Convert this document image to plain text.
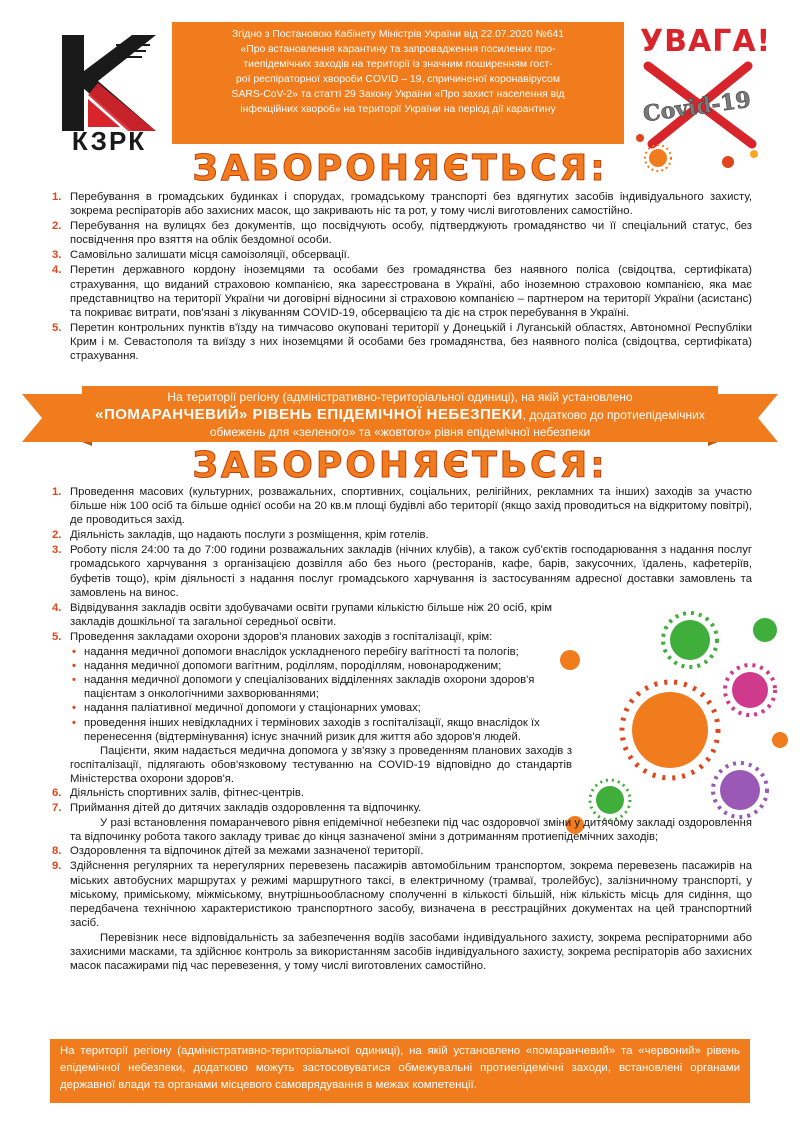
КЗРК
Згідно з Постановою Кабінету Міністрів України від 22.07.2020 №641
«Про встановлення карантину та запровадження посилених про-
тиепідемічних заходів на території із значним поширенням гост-
рої респіраторної хвороби COVID – 19, спричиненої коронавірусом
SARS-CoV-2» та статті 29 Закону України «Про захист населення від
інфекційних хвороб» на території України на період дії карантину
УВАГА!
Covid-19
ЗАБОРОНЯЄТЬСЯ:
1. Перебування в громадських будинках і спорудах, громадському транспорті без вдягнутих засобів індивідуального захисту, зокрема респіраторів або захисних масок, що закривають ніс та рот, у тому числі виготовлених самостійно.
2. Перебування на вулицях без документів, що посвідчують особу, підтверджують громадянство чи її спеціальний статус, без посвідчення про взяття на облік бездомної особи.
3. Самовільно залишати місця самоізоляції, обсервації.
4. Перетин державного кордону іноземцями та особами без громадянства без наявного поліса (свідоцтва, сертифіката) страхування, що виданий страховою компанією, яка зареєстрована в Україні, або іноземною страховою компанією, яка має представництво на території України чи договірні відносини зі страховою компанією – партнером на території України (асистанс) та покриває витрати, пов'язані з лікуванням COVID-19, обсервацією та діє на строк перебування в Україні.
5. Перетин контрольних пунктів в'їзду на тимчасово окуповані території у Донецькій і Луганській областях, Автономної Республіки Крим і м. Севастополя та виїзду з них іноземцями й особами без громадянства, без наявного поліса (свідоцтва, сертифіката) страхування.
На території регіону (адміністративно-територіальної одиниці), на якій установлено
«ПОМАРАНЧЕВИЙ» РІВЕНЬ ЕПІДЕМІЧНОЇ НЕБЕЗПЕКИ, додатково до протиепідемічних
обмежень для «зеленого» та «жовтого» рівня епідемічної небезпеки
ЗАБОРОНЯЄТЬСЯ:
1. Проведення масових (культурних, розважальних, спортивних, соціальних, релігійних, рекламних та інших) заходів за участю більше ніж 100 осіб та більше однієї особи на 20 кв.м площі будівлі або території (якщо захід проводиться на відкритому повітрі), де проводиться захід.
2. Діяльність закладів, що надають послуги з розміщення, крім готелів.
3. Роботу після 24:00 та до 7:00 години розважальних закладів (нічних клубів), а також суб'єктів господарювання з надання послуг громадського харчування з організацією дозвілля або без нього (ресторанів, кафе, барів, закусочних, їдалень, кафетеріїв, буфетів тощо), крім діяльності з надання послуг громадського харчування із застосуванням адресної доставки замовлень та замовлень на винос.
4. Відвідування закладів освіти здобувачами освіти групами кількістю більше ніж 20 осіб, крім закладів дошкільної та загальної середньої освіти.
5. Проведення закладами охорони здоров'я планових заходів з госпіталізації, крім:
• надання медичної допомоги внаслідок ускладненого перебігу вагітності та пологів;
• надання медичної допомоги вагітним, роділлям, породіллям, новонародженим;
• надання медичної допомоги у спеціалізованих відділеннях закладів охорони здоров'я пацієнтам з онкологічними захворюваннями;
• надання паліативної медичної допомоги у стаціонарних умовах;
• проведення інших невідкладних і термінових заходів з госпіталізації, якщо внаслідок їх перенесення (відтермінування) існує значний ризик для життя або здоров'я людей.
Пацієнти, яким надається медична допомога у зв'язку з проведенням планових заходів з госпіталізації, підлягають обов'язковому тестуванню на COVID-19 відповідно до стандартів Міністерства охорони здоров'я.
6. Діяльність спортивних залів, фітнес-центрів.
7. Приймання дітей до дитячих закладів оздоровлення та відпочинку.
У разі встановлення помаранчевого рівня епідемічної небезпеки під час оздоровчої зміни у дитячому закладі оздоровлення та відпочинку робота такого закладу триває до кінця зазначеної зміни з дотриманням протиепідемічних заходів;
8. Оздоровлення та відпочинок дітей за межами зазначеної території.
9. Здійснення регулярних та нерегулярних перевезень пасажирів автомобільним транспортом, зокрема перевезень пасажирів на міських автобусних маршрутах у режимі маршрутного таксі, в електричному (трамваї, тролейбус), залізничному транспорті, у міському, приміському, міжміському, внутрішньообласному сполученні в кількості більшій, ніж кількість місць для сидіння, що передбачена технічною характеристикою транспортного засобу, визначена в реєстраційних документах на цей транспортний засіб.
Перевізник несе відповідальність за забезпечення водіїв засобами індивідуального захисту, зокрема респіраторними або захисними масками, та здійснює контроль за використанням засобів індивідуального захисту, зокрема респіраторів або захисних масок пасажирами під час перевезення, у тому числі виготовлених самостійно.
На території регіону (адміністративно-територіальної одиниці), на якій установлено «помаранчевий» та «червоний» рівень епідемічної небезпеки, додатково можуть застосовуватися обмежувальні протиепідемічні заходи, встановлені органами державної влади та органами місцевого самоврядування в межах компетенції.
